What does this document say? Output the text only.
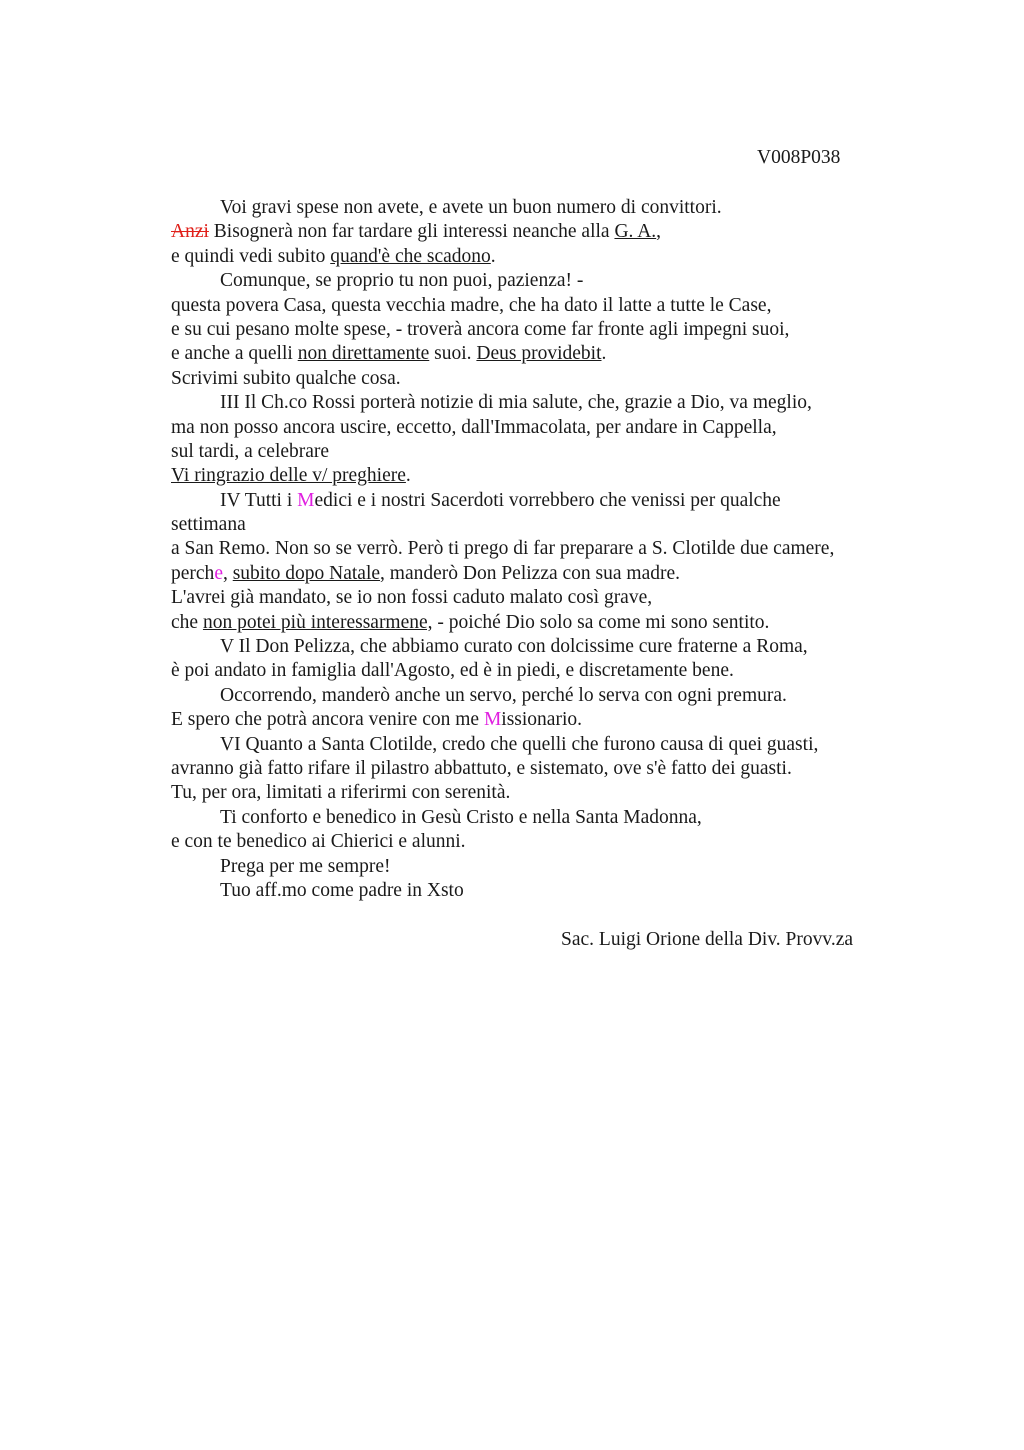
V008P038
Voi gravi spese non avete, e avete un buon numero di convittori.
Anzi Bisognerà non far tardare gli interessi neanche alla G. A.,
e quindi vedi subito quand'è che scadono.
Comunque, se proprio tu non puoi, pazienza! -
questa povera Casa, questa vecchia madre, che ha dato il latte a tutte le Case,
e su cui pesano molte spese, - troverà ancora come far fronte agli impegni suoi,
e anche a quelli non direttamente suoi. Deus providebit.
Scrivimi subito qualche cosa.
III Il Ch.co Rossi porterà notizie di mia salute, che, grazie a Dio, va meglio,
ma non posso ancora uscire, eccetto, dall'Immacolata, per andare in Cappella,
sul tardi, a celebrare
Vi ringrazio delle v/ preghiere.
IV Tutti i Medici e i nostri Sacerdoti vorrebbero che venissi per qualche
settimana
a San Remo. Non so se verrò. Però ti prego di far preparare a S. Clotilde due camere,
perche, subito dopo Natale, manderò Don Pelizza con sua madre.
L'avrei già mandato, se io non fossi caduto malato così grave,
che non potei più interessarmene, - poiché Dio solo sa come mi sono sentito.
V Il Don Pelizza, che abbiamo curato con dolcissime cure fraterne a Roma,
è poi andato in famiglia dall'Agosto, ed è in piedi, e discretamente bene.
Occorrendo, manderò anche un servo, perché lo serva con ogni premura.
E spero che potrà ancora venire con me Missionario.
VI Quanto a Santa Clotilde, credo che quelli che furono causa di quei guasti,
avranno già fatto rifare il pilastro abbattuto, e sistemato, ove s'è fatto dei guasti.
Tu, per ora, limitati a riferirmi con serenità.
Ti conforto e benedico in Gesù Cristo e nella Santa Madonna,
e con te benedico ai Chierici e alunni.
Prega per me sempre!
Tuo aff.mo come padre in Xsto
Sac. Luigi Orione della Div. Provv.za
